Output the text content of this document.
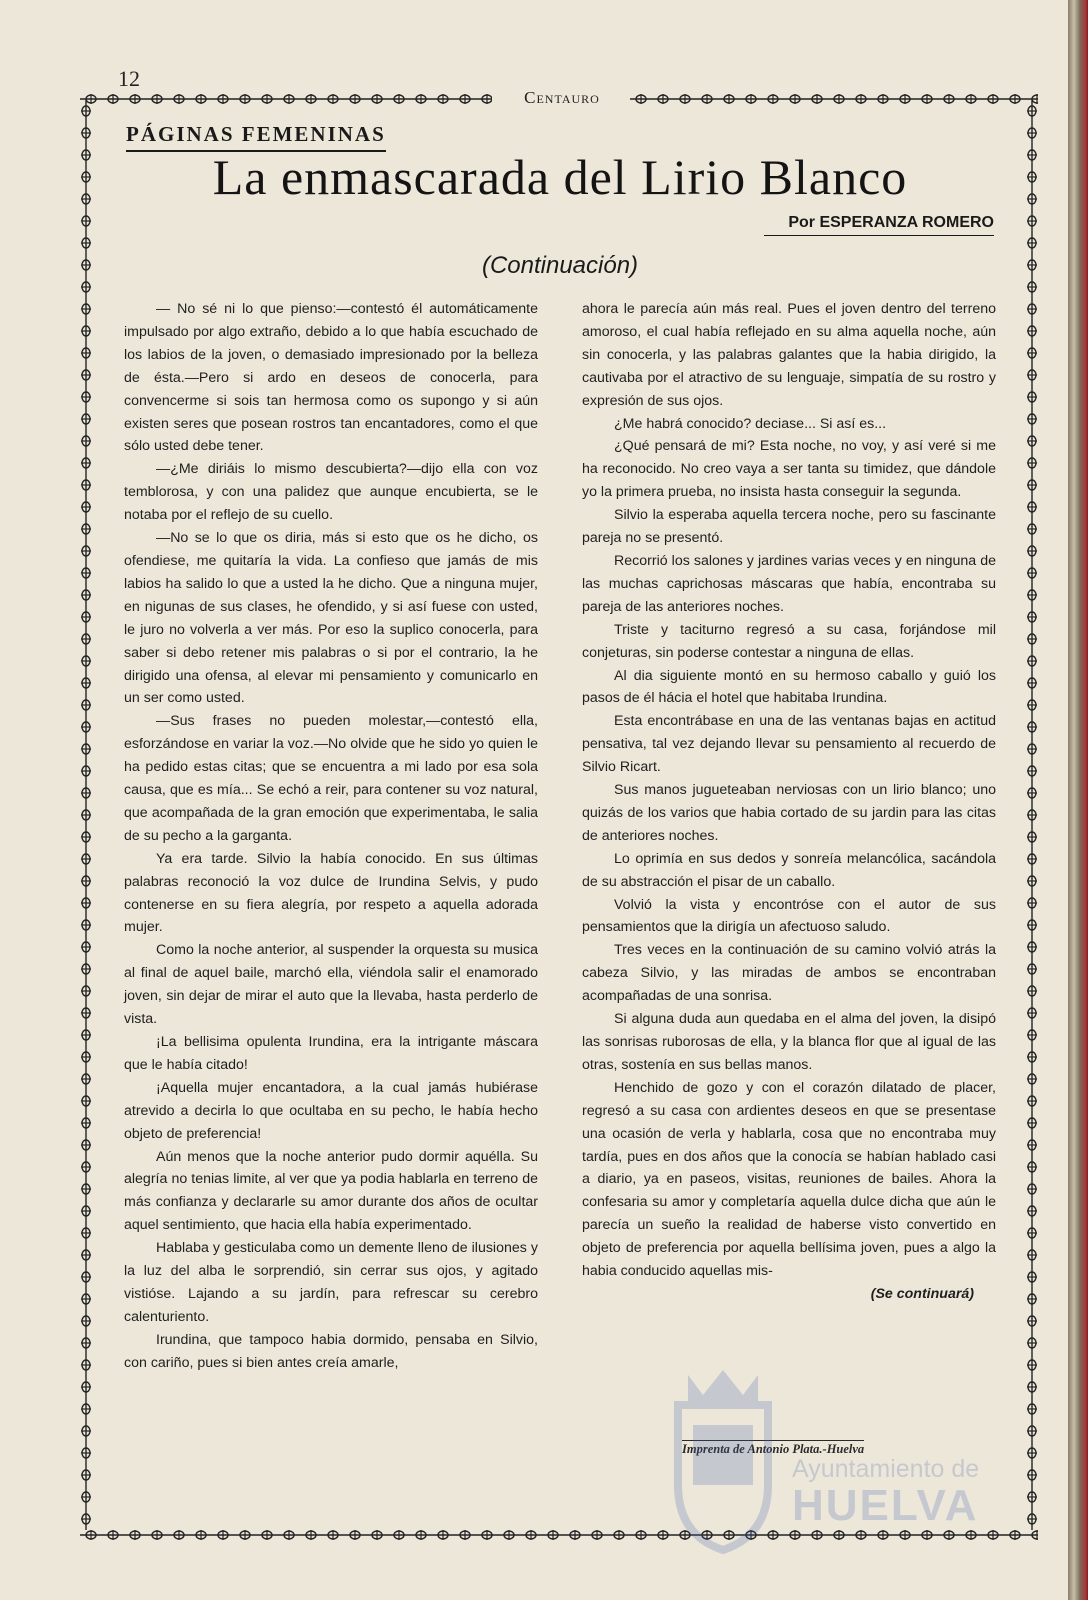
12
Centauro
PÁGINAS FEMENINAS
La enmascarada del Lirio Blanco
Por ESPERANZA ROMERO
(Continuación)

— No sé ni lo que pienso:—contestó él automáticamente impulsado por algo extraño, debido a lo que había escuchado de los labios de la joven, o demasiado impresionado por la belleza de ésta.—Pero si ardo en deseos de conocerla, para convencerme si sois tan hermosa como os supongo y si aún existen seres que posean rostros tan encantadores, como el que sólo usted debe tener.

—¿Me diriáis lo mismo descubierta?—dijo ella con voz temblorosa, y con una palidez que aunque encubierta, se le notaba por el reflejo de su cuello.

—No se lo que os diria, más si esto que os he dicho, os ofendiese, me quitaría la vida. La confieso que jamás de mis labios ha salido lo que a usted la he dicho. Que a ninguna mujer, en nigunas de sus clases, he ofendido, y si así fuese con usted, le juro no volverla a ver más. Por eso la suplico conocerla, para saber si debo retener mis palabras o si por el contrario, la he dirigido una ofensa, al elevar mi pensamiento y comunicarlo en un ser como usted.

—Sus frases no pueden molestar,—contestó ella, esforzándose en variar la voz.—No olvide que he sido yo quien le ha pedido estas citas; que se encuentra a mi lado por esa sola causa, que es mía... Se echó a reir, para contener su voz natural, que acompañada de la gran emoción que experimentaba, le salia de su pecho a la garganta.

Ya era tarde. Silvio la había conocido. En sus últimas palabras reconoció la voz dulce de Irundina Selvis, y pudo contenerse en su fiera alegría, por respeto a aquella adorada mujer.

Como la noche anterior, al suspender la orquesta su musica al final de aquel baile, marchó ella, viéndola salir el enamorado joven, sin dejar de mirar el auto que la llevaba, hasta perderlo de vista.

¡La bellisima opulenta Irundina, era la intrigante máscara que le había citado!

¡Aquella mujer encantadora, a la cual jamás hubiérase atrevido a decirla lo que ocultaba en su pecho, le había hecho objeto de preferencia!

Aún menos que la noche anterior pudo dormir aquélla. Su alegría no tenias limite, al ver que ya podia hablarla en terreno de más confianza y declararle su amor durante dos años de ocultar aquel sentimiento, que hacia ella había experimentado.

Hablaba y gesticulaba como un demente lleno de ilusiones y la luz del alba le sorprendió, sin cerrar sus ojos, y agitado vistióse. Lajando a su jardín, para refrescar su cerebro calenturiento.

Irundina, que tampoco habia dormido, pensaba en Silvio, con cariño, pues si bien antes creía amarle,

ahora le parecía aún más real. Pues el joven dentro del terreno amoroso, el cual había reflejado en su alma aquella noche, aún sin conocerla, y las palabras galantes que la habia dirigido, la cautivaba por el atractivo de su lenguaje, simpatía de su rostro y expresión de sus ojos.

¿Me habrá conocido? deciase... Si así es...

¿Qué pensará de mi? Esta noche, no voy, y así veré si me ha reconocido. No creo vaya a ser tanta su timidez, que dándole yo la primera prueba, no insista hasta conseguir la segunda.

Silvio la esperaba aquella tercera noche, pero su fascinante pareja no se presentó.

Recorrió los salones y jardines varias veces y en ninguna de las muchas caprichosas máscaras que había, encontraba su pareja de las anteriores noches.

Triste y taciturno regresó a su casa, forjándose mil conjeturas, sin poderse contestar a ninguna de ellas.

Al dia siguiente montó en su hermoso caballo y guió los pasos de él hácia el hotel que habitaba Irundina.

Esta encontrábase en una de las ventanas bajas en actitud pensativa, tal vez dejando llevar su pensamiento al recuerdo de Silvio Ricart.

Sus manos jugueteaban nerviosas con un lirio blanco; uno quizás de los varios que habia cortado de su jardin para las citas de anteriores noches.

Lo oprimía en sus dedos y sonreía melancólica, sacándola de su abstracción el pisar de un caballo.

Volvió la vista y encontróse con el autor de sus pensamientos que la dirigía un afectuoso saludo.

Tres veces en la continuación de su camino volvió atrás la cabeza Silvio, y las miradas de ambos se encontraban acompañadas de una sonrisa.

Si alguna duda aun quedaba en el alma del joven, la disipó las sonrisas ruborosas de ella, y la blanca flor que al igual de las otras, sostenía en sus bellas manos.

Henchido de gozo y con el corazón dilatado de placer, regresó a su casa con ardientes deseos en que se presentase una ocasión de verla y hablarla, cosa que no encontraba muy tardía, pues en dos años que la conocía se habían hablado casi a diario, ya en paseos, visitas, reuniones de bailes. Ahora la confesaria su amor y completaría aquella dulce dicha que aún le parecía un sueño la realidad de haberse visto convertido en objeto de preferencia por aquella bellísima joven, pues a algo la habia conducido aquellas mis-

(Se continuará)

Imprenta de Antonio Plata.-Huelva
Ayuntamiento de
HUELVA
